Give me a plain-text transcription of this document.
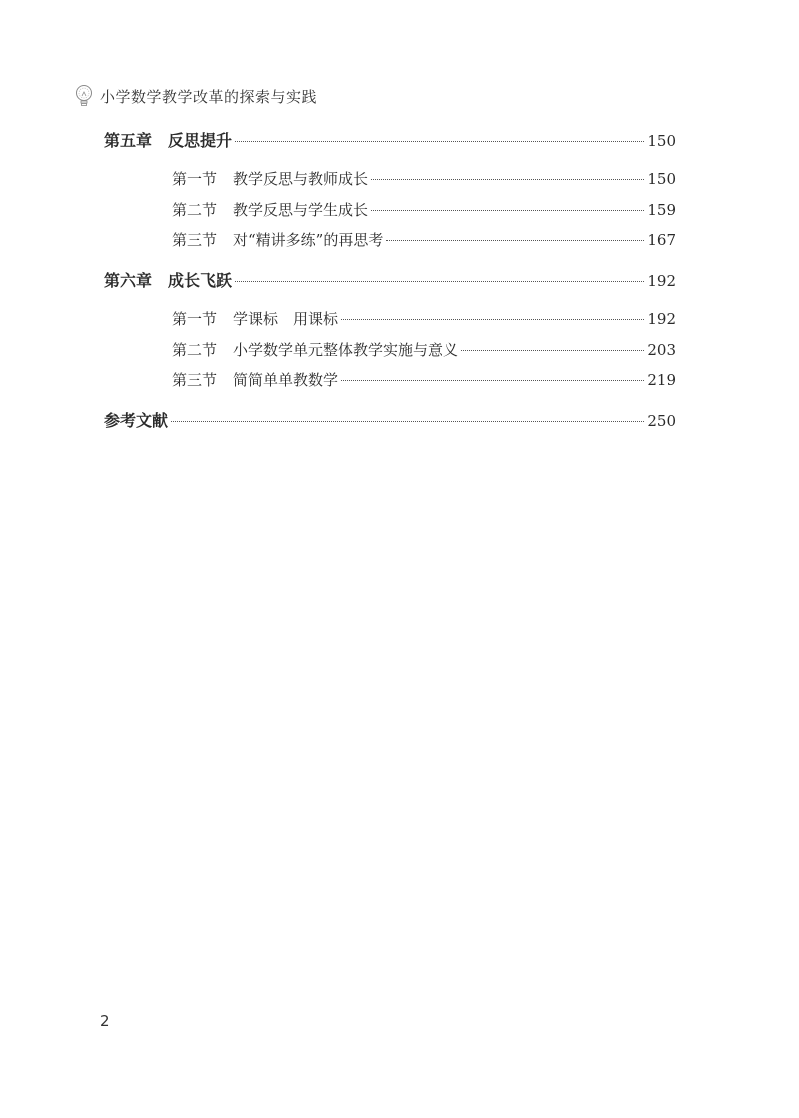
小学数学教学改革的探索与实践
第五章 反思提升	150
第一节 教学反思与教师成长	150
第二节 教学反思与学生成长	159
第三节 对“精讲多练”的再思考	167
第六章 成长飞跃	192
第一节 学课标　用课标	192
第二节 小学数学单元整体教学实施与意义	203
第三节 简简单单教数学	219
参考文献	250
2
